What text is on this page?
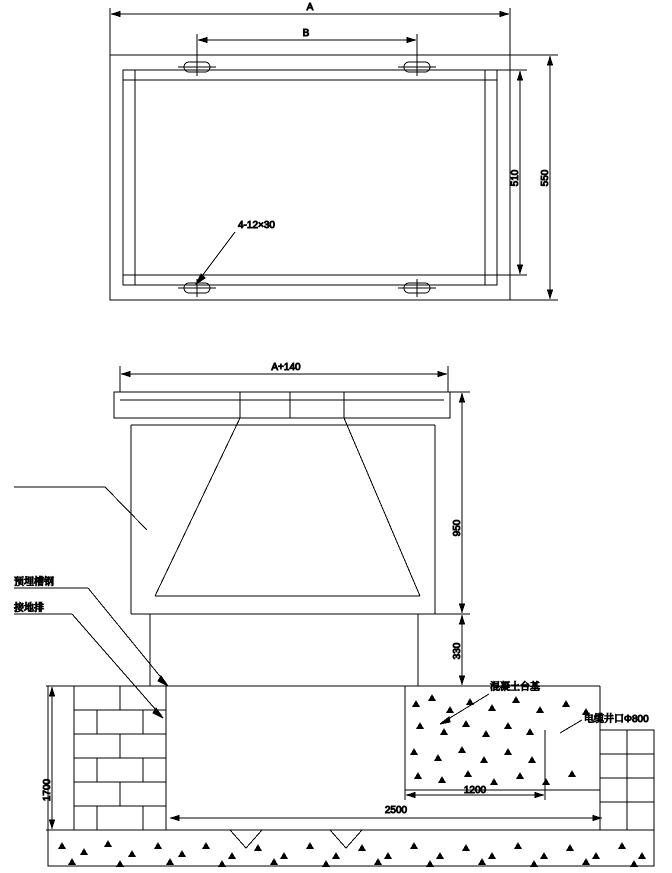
A
B
510 550
4-12×30
A+140
950
330
1700	1200
2500
预埋槽钢
接地排
混凝土台基
电缆井口Φ800
